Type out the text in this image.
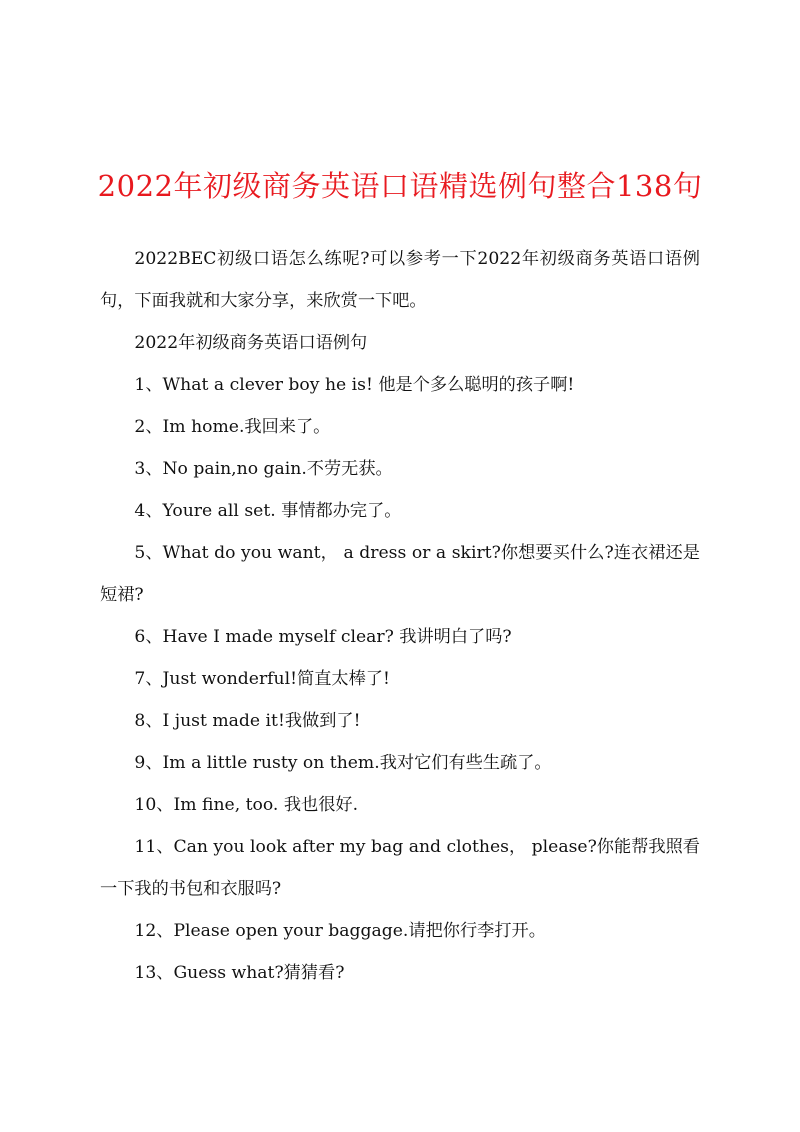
2022年初级商务英语口语精选例句整合138句

2022BEC初级口语怎么练呢?可以参考一下2022年初级商务英语口语例句，下面我就和大家分享，来欣赏一下吧。

2022年初级商务英语口语例句

1、What a clever boy he is! 他是个多么聪明的孩子啊!

2、Im home.我回来了。

3、No pain,no gain.不劳无获。

4、Youre all set. 事情都办完了。

5、What do you want， a dress or a skirt?你想要买什么?连衣裙还是短裙?

6、Have I made myself clear? 我讲明白了吗?

7、Just wonderful!简直太棒了!

8、I just made it!我做到了!

9、Im a little rusty on them.我对它们有些生疏了。

10、Im fine, too. 我也很好.

11、Can you look after my bag and clothes， please?你能帮我照看一下我的书包和衣服吗?

12、Please open your baggage.请把你行李打开。

13、Guess what?猜猜看?
